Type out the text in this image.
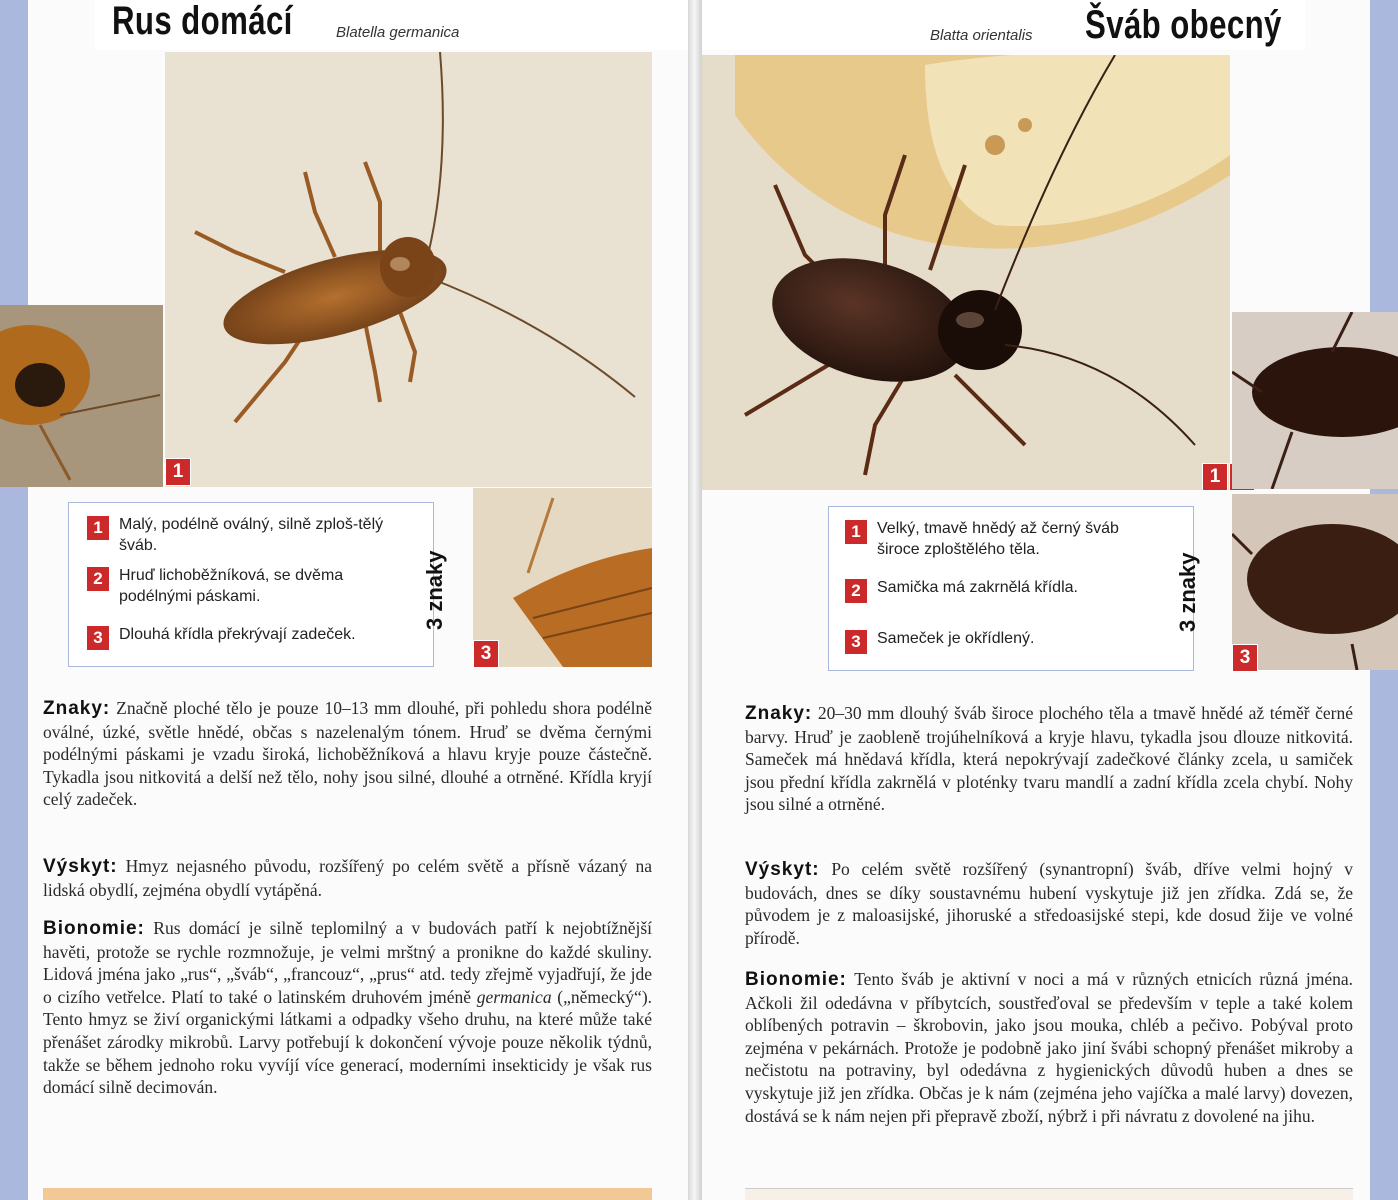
Rus domácí	Blatella germanica
1
1	Malý, podélně oválný, silně zploš-tělý šváb.
2	Hruď lichoběžníková, se dvěma podélnými páskami.
3	Dlouhá křídla překrývají zadeček.
3 znaky
3
Znaky: Značně ploché tělo je pouze 10–13 mm dlouhé, při pohledu shora podélně oválné, úzké, světle hnědé, občas s nazelenalým tónem. Hruď se dvěma černými podélnými páskami je vzadu široká, lichoběžníková a hlavu kryje pouze částečně. Tykadla jsou nitkovitá a delší než tělo, nohy jsou silné, dlouhé a otrněné. Křídla kryjí celý zadeček.
Výskyt: Hmyz nejasného původu, rozšířený po celém světě a přísně vázaný na lidská obydlí, zejména obydlí vytápěná.
Bionomie: Rus domácí je silně teplomilný a v budovách patří k nejobtížnější havěti, protože se rychle rozmnožuje, je velmi mrštný a pronikne do každé skuliny. Lidová jména jako „rus“, „šváb“, „francouz“, „prus“ atd. tedy zřejmě vyjadřují, že jde o cizího vetřelce. Platí to také o latinském druhovém jméně germanica („německý“). Tento hmyz se živí organickými látkami a odpadky všeho druhu, na které může také přenášet zárodky mikrobů. Larvy potřebují k dokončení vývoje pouze několik týdnů, takže se během jednoho roku vyvíjí více generací, moderními insekticidy je však rus domácí silně decimován.
Blatta orientalis Šváb obecný
1
1	Velký, tmavě hnědý až černý šváb široce zploštělého těla.
2	Samička má zakrnělá křídla.
3	Sameček je okřídlený.
3 znaky
3
Znaky: 20–30 mm dlouhý šváb široce plochého těla a tmavě hnědé až téměř černé barvy. Hruď je zaobleně trojúhelníková a kryje hlavu, tykadla jsou dlouze nitkovitá. Sameček má hnědavá křídla, která nepokrývají zadečkové články zcela, u samiček jsou přední křídla zakrnělá v ploténky tvaru mandlí a zadní křídla zcela chybí. Nohy jsou silné a otrněné.
Výskyt: Po celém světě rozšířený (synantropní) šváb, dříve velmi hojný v budovách, dnes se díky soustavnému hubení vyskytuje již jen zřídka. Zdá se, že původem je z maloasijské, jihoruské a středoasijské stepi, kde dosud žije ve volné přírodě.
Bionomie: Tento šváb je aktivní v noci a má v různých etnicích různá jména. Ačkoli žil odedávna v příbytcích, soustřeďoval se především v teple a také kolem oblíbených potravin – škrobovin, jako jsou mouka, chléb a pečivo. Pobýval proto zejména v pekárnách. Protože je podobně jako jiní švábi schopný přenášet mikroby a nečistotu na potraviny, byl odedávna z hygienických důvodů huben a dnes se vyskytuje již jen zřídka. Občas je k nám (zejména jeho vajíčka a malé larvy) dovezen, dostává se k nám nejen při přepravě zboží, nýbrž i při návratu z dovolené na jihu.
